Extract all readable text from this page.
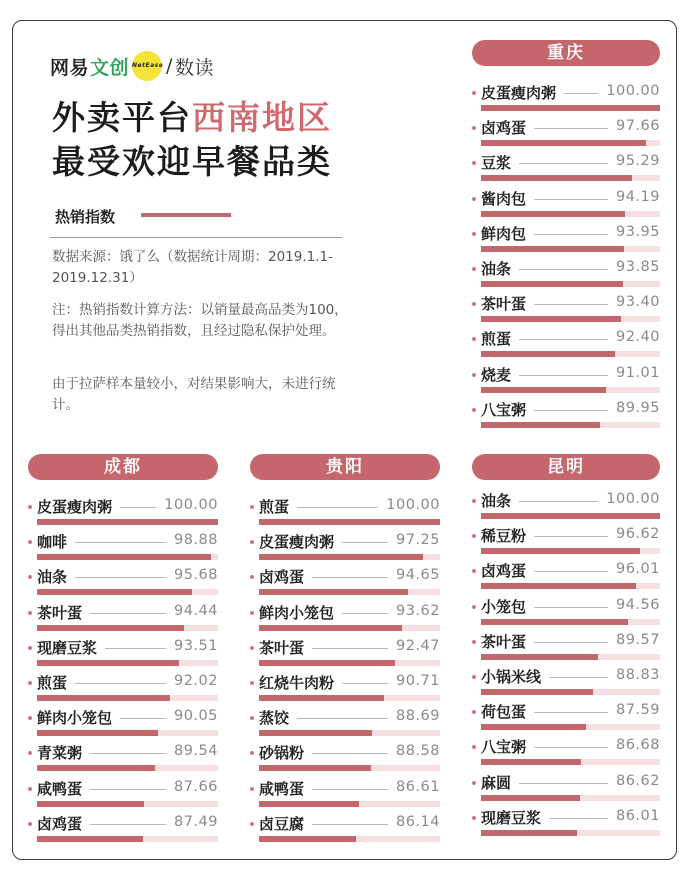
网易 文创 NetEase / 数读
外卖平台西南地区
最受欢迎早餐品类
热销指数
数据来源：饿了么（数据统计周期：2019.1.1-2019.12.31）
注：热销指数计算方法：以销量最高品类为100，得出其他品类热销指数，且经过隐私保护处理。
由于拉萨样本量较小，对结果影响大，未进行统计。
重庆
皮蛋瘦肉粥	100.00
卤鸡蛋	97.66
豆浆	95.29
酱肉包	94.19
鲜肉包	93.95
油条	93.85
茶叶蛋	93.40
煎蛋	92.40
烧麦	91.01
八宝粥	89.95
成都
皮蛋瘦肉粥	100.00
咖啡	98.88
油条	95.68
茶叶蛋	94.44
现磨豆浆	93.51
煎蛋	92.02
鲜肉小笼包	90.05
青菜粥	89.54
咸鸭蛋	87.66
卤鸡蛋	87.49
贵阳
煎蛋	100.00
皮蛋瘦肉粥	97.25
卤鸡蛋	94.65
鲜肉小笼包	93.62
茶叶蛋	92.47
红烧牛肉粉	90.71
蒸饺	88.69
砂锅粉	88.58
咸鸭蛋	86.61
卤豆腐	86.14
昆明
油条	100.00
稀豆粉	96.62
卤鸡蛋	96.01
小笼包	94.56
茶叶蛋	89.57
小锅米线	88.83
荷包蛋	87.59
八宝粥	86.68
麻圆	86.62
现磨豆浆	86.01
